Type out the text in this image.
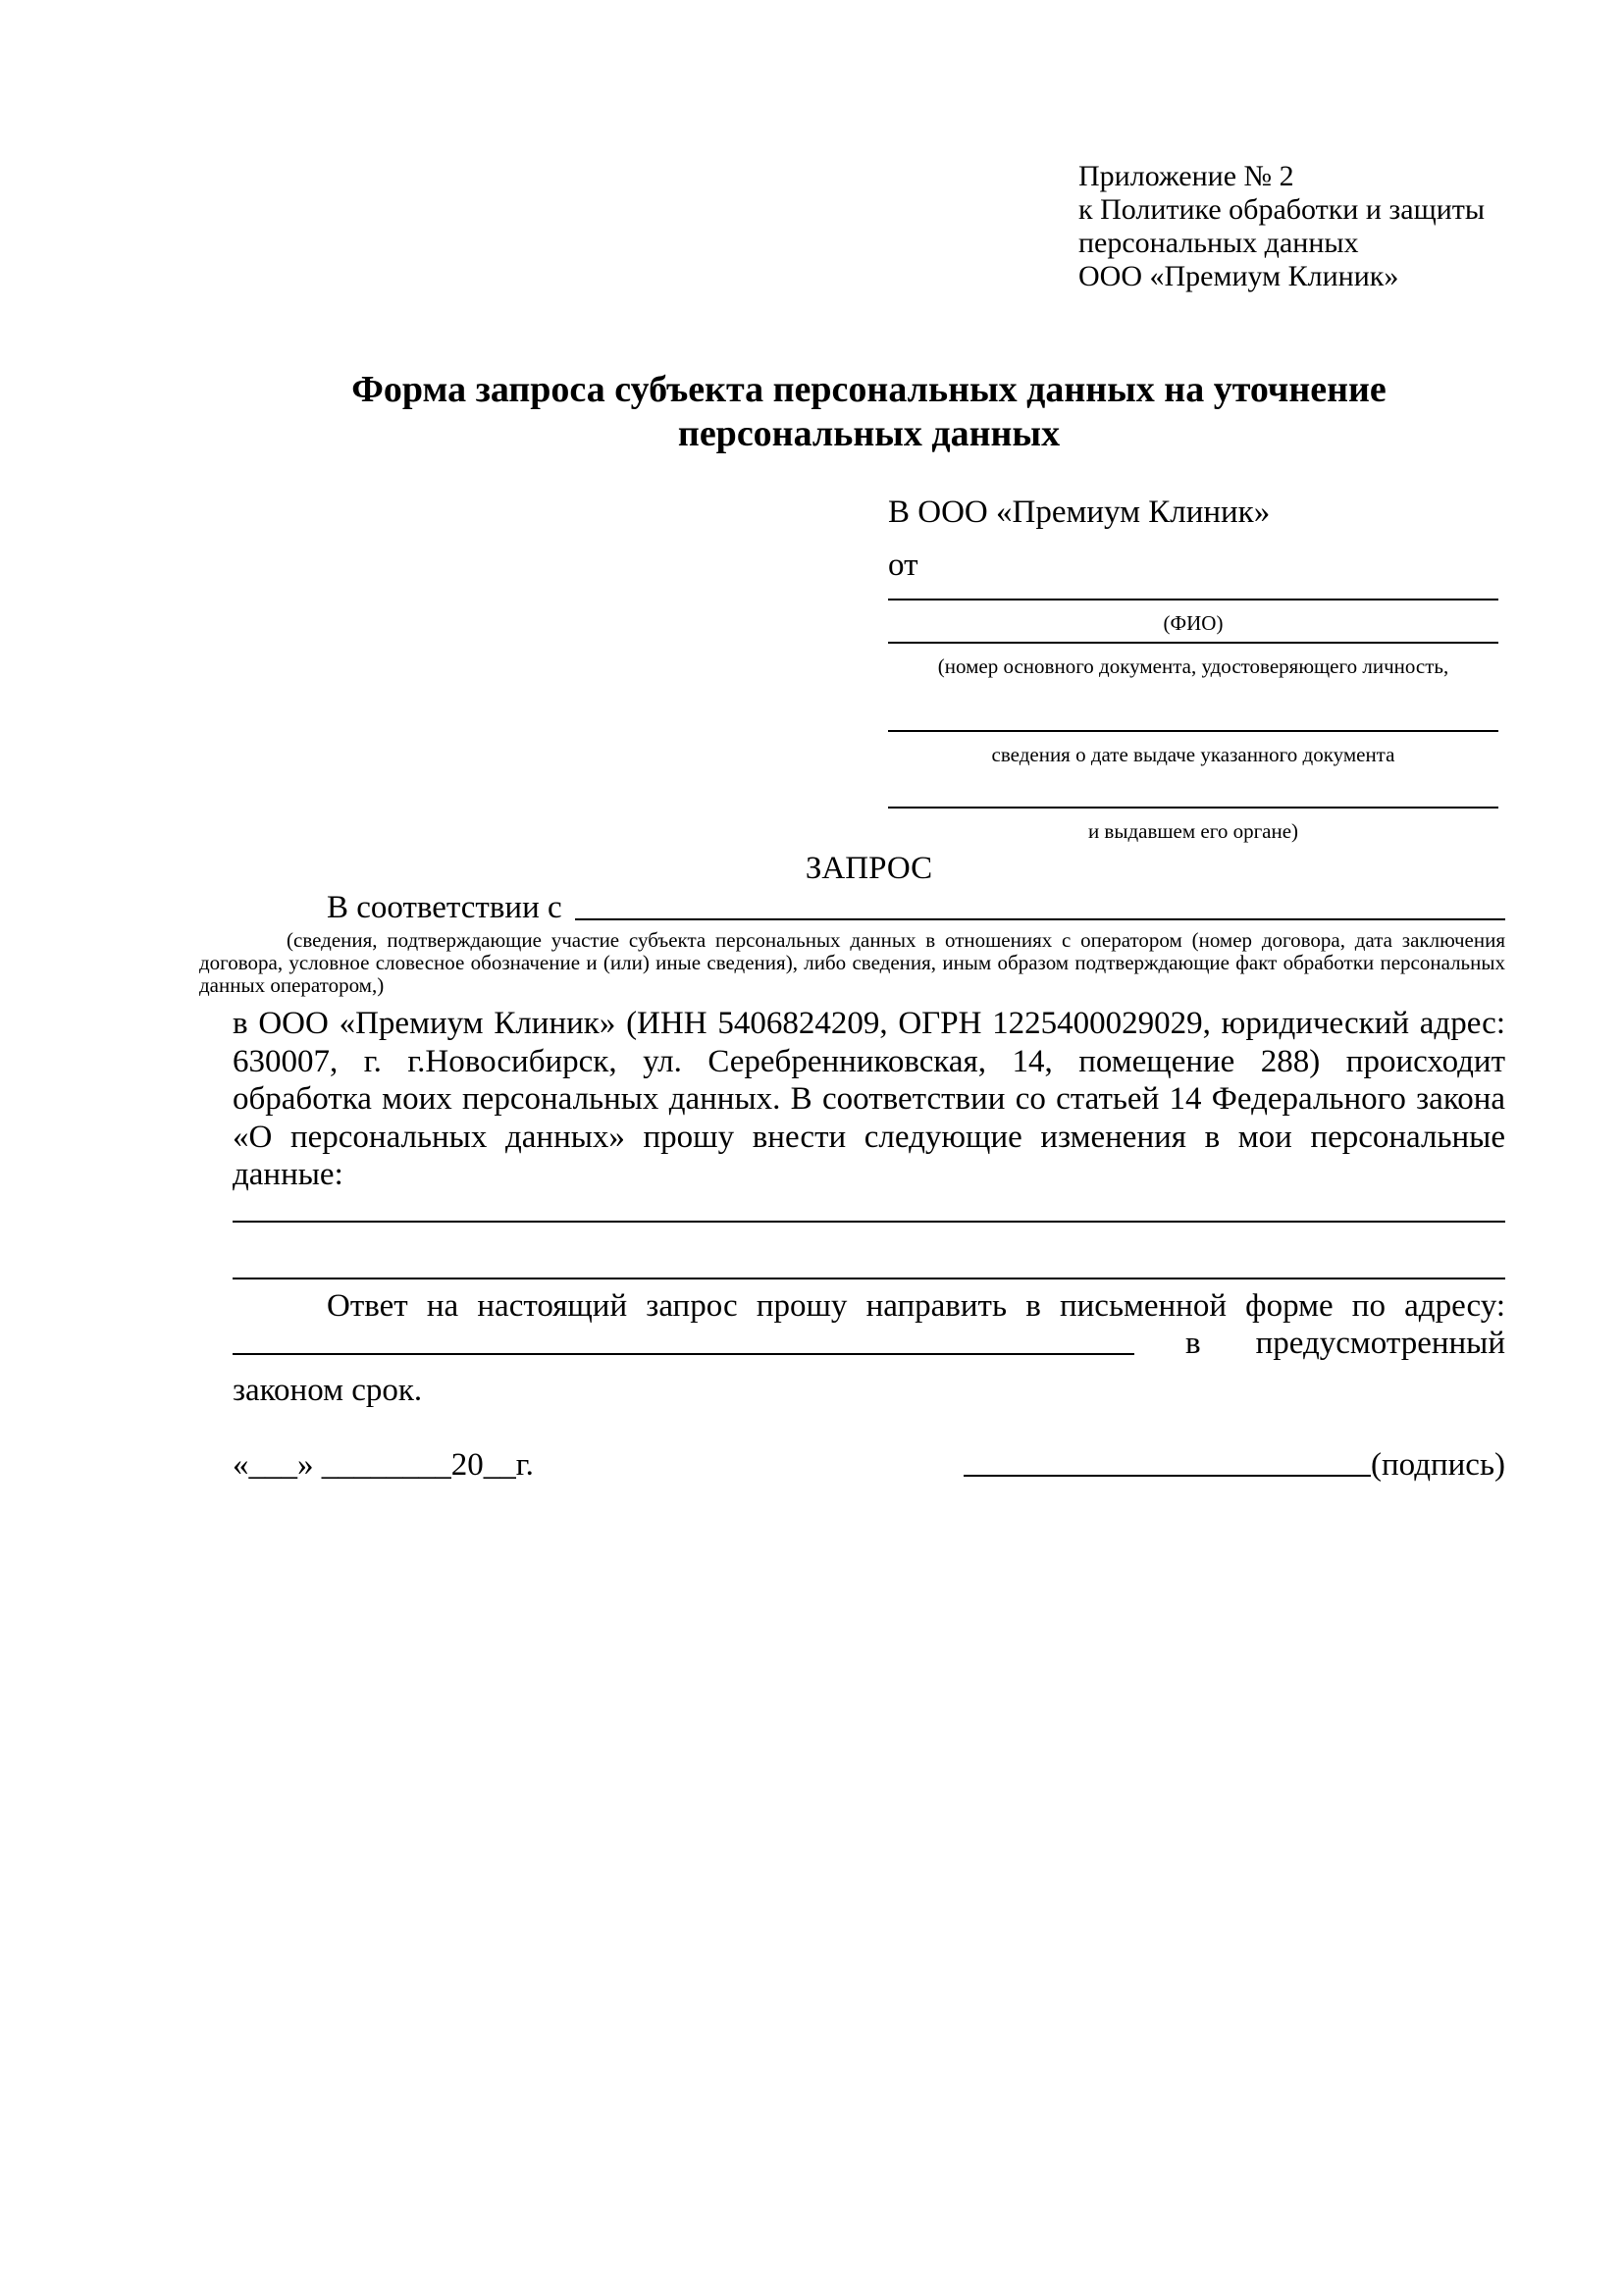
Приложение № 2
к Политике обработки и защиты
персональных данных
ООО «Премиум Клиник»
Форма запроса субъекта персональных данных на уточнение
персональных данных
В ООО «Премиум Клиник»
от
(ФИО)
(номер основного документа, удостоверяющего личность,
сведения о дате выдаче указанного документа
и выдавшем его органе)
ЗАПРОС
В соответствии с
(сведения, подтверждающие участие субъекта персональных данных в отношениях с оператором (номер договора, дата заключения договора, условное словесное обозначение и (или) иные сведения), либо сведения, иным образом подтверждающие факт обработки персональных данных оператором,)
в ООО «Премиум Клиник» (ИНН 5406824209, ОГРН 1225400029029, юридический адрес: 630007, г. г.Новосибирск, ул. Серебренниковская, 14, помещение 288) происходит обработка моих персональных данных. В соответствии со статьей 14 Федерального закона «О персональных данных» прошу внести следующие изменения в мои персональные данные:
Ответ на настоящий запрос прошу направить в письменной форме по адресу:
в предусмотренный
законом срок.
«___» ________20__г.	(подпись)
